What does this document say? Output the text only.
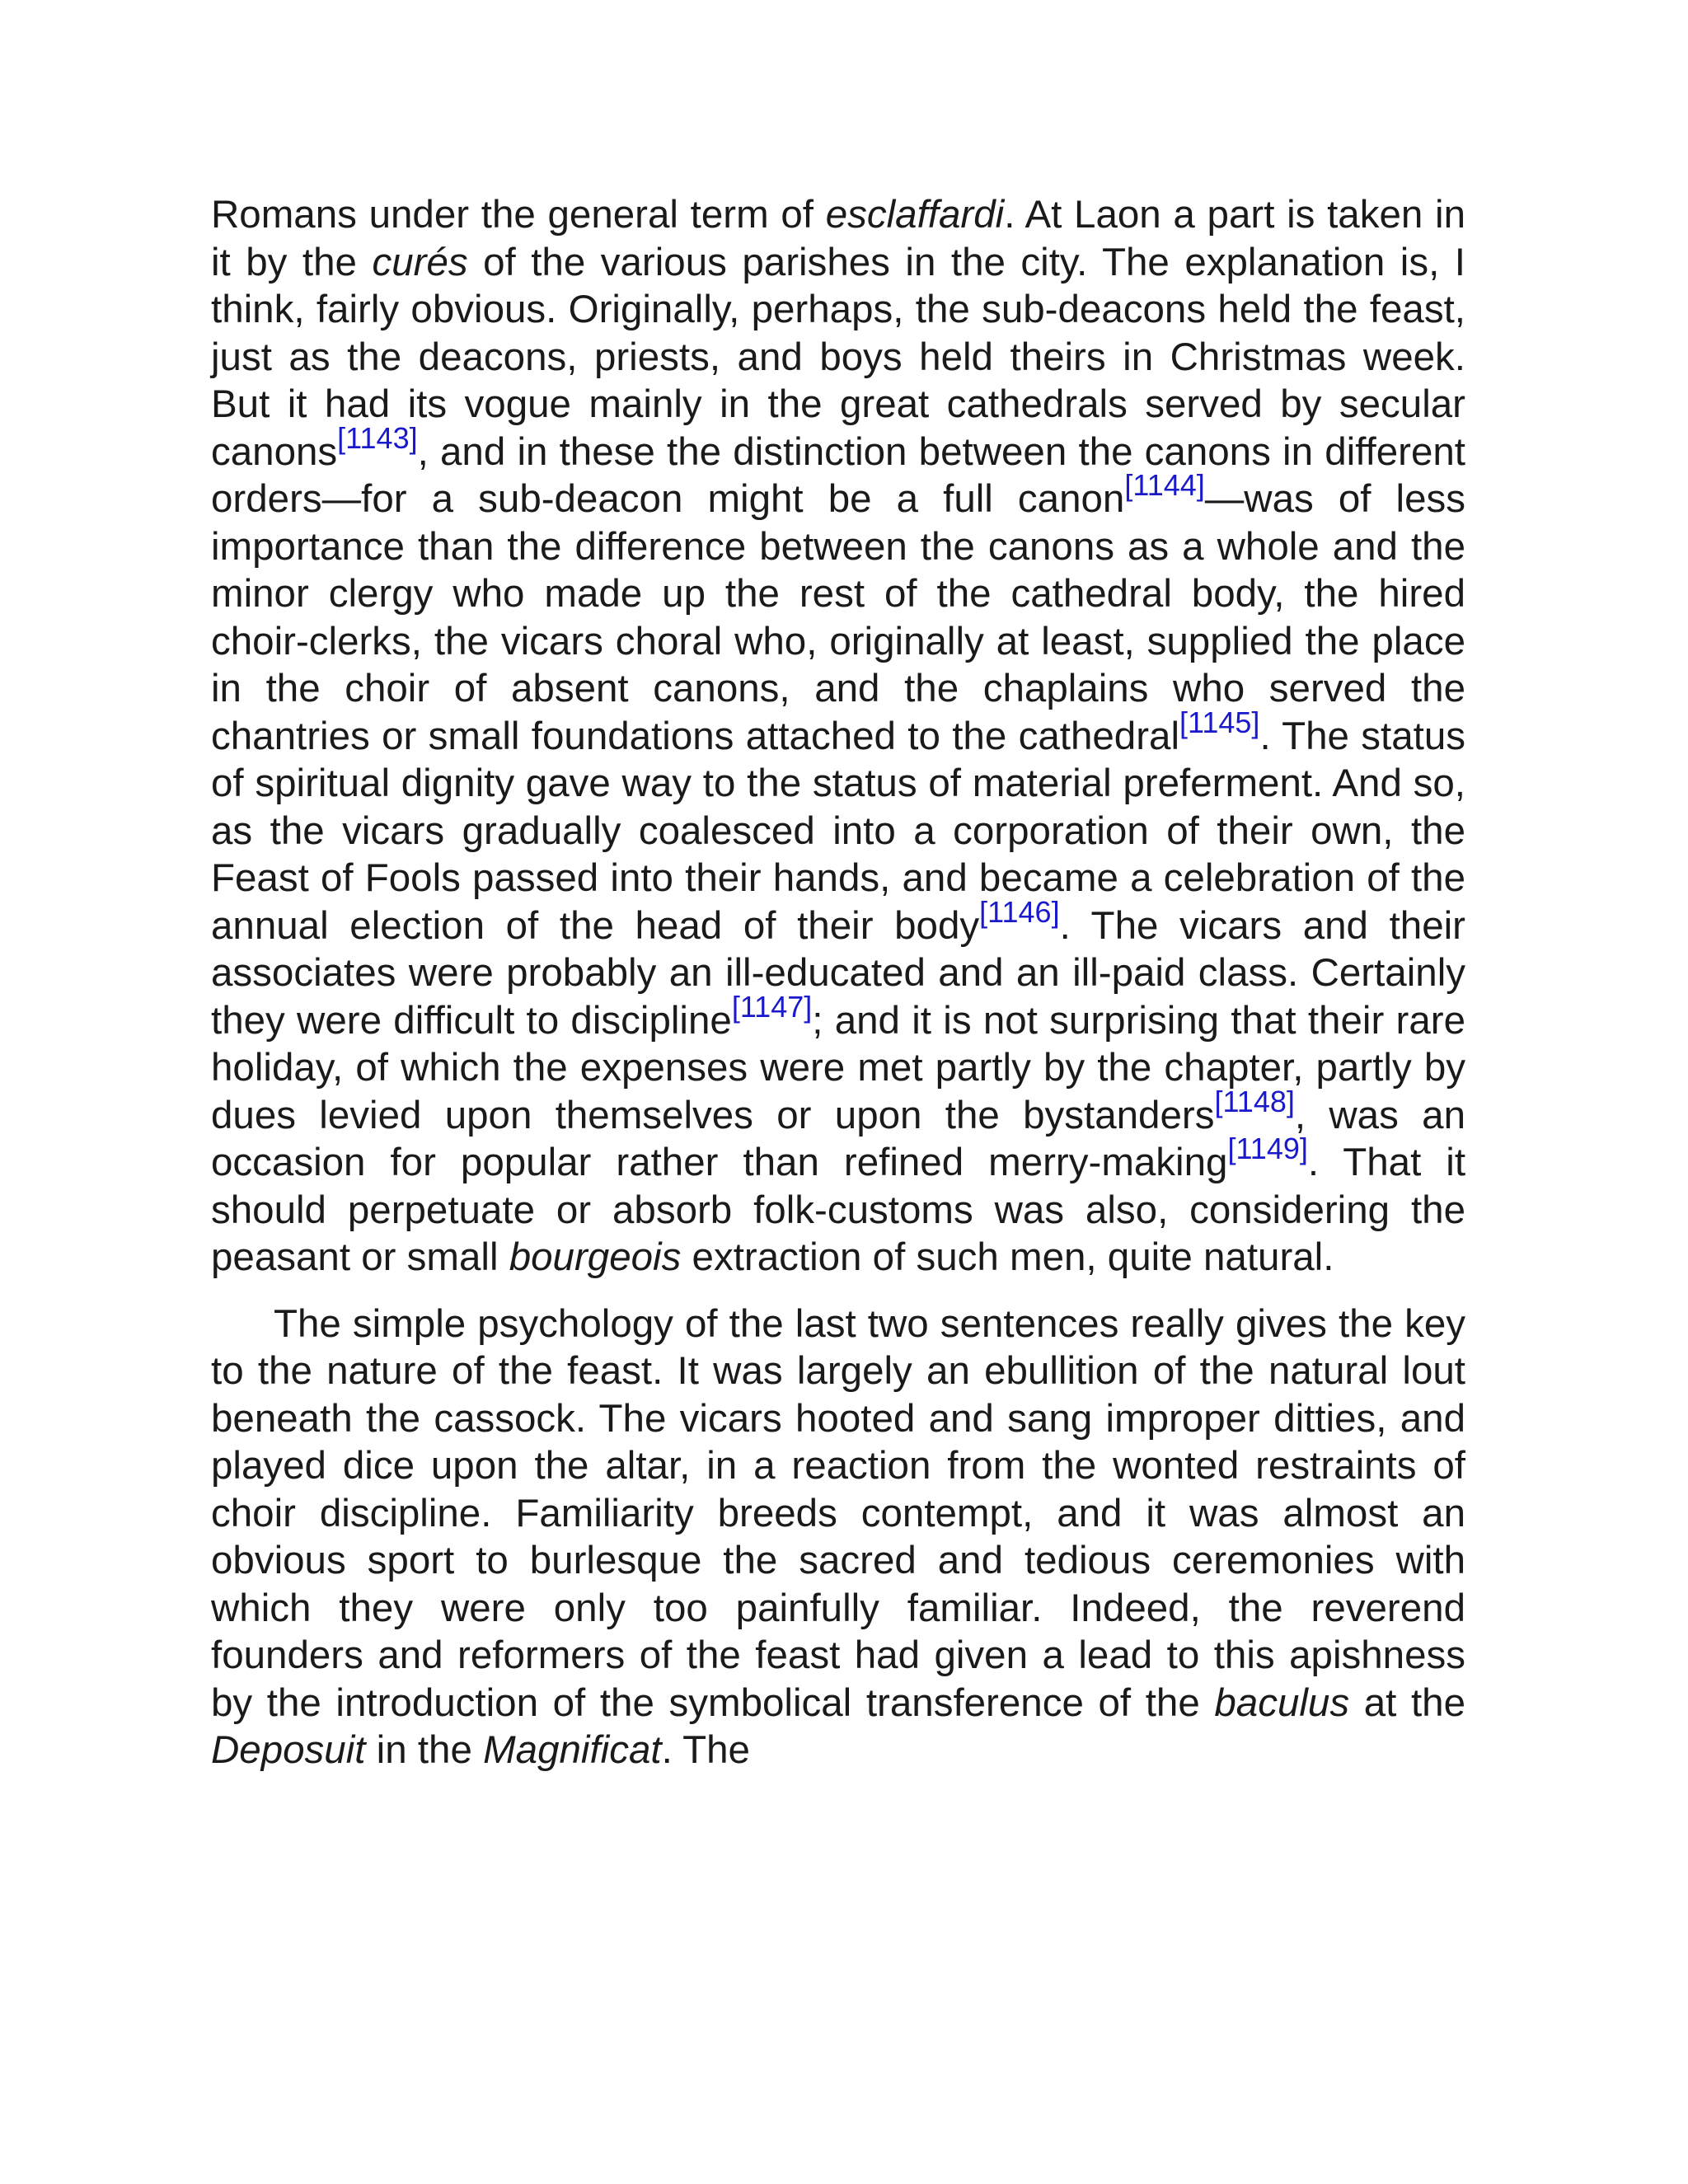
Romans under the general term of esclaffardi. At Laon a part is taken in it by the curés of the various parishes in the city. The explanation is, I think, fairly obvious. Originally, perhaps, the sub-deacons held the feast, just as the deacons, priests, and boys held theirs in Christmas week. But it had its vogue mainly in the great cathedrals served by secular canons[1143], and in these the distinction between the canons in different orders—for a sub-deacon might be a full canon[1144]—was of less importance than the difference between the canons as a whole and the minor clergy who made up the rest of the cathedral body, the hired choir-clerks, the vicars choral who, originally at least, supplied the place in the choir of absent canons, and the chaplains who served the chantries or small foundations attached to the cathedral[1145]. The status of spiritual dignity gave way to the status of material preferment. And so, as the vicars gradually coalesced into a corporation of their own, the Feast of Fools passed into their hands, and became a celebration of the annual election of the head of their body[1146]. The vicars and their associates were probably an ill-educated and an ill-paid class. Certainly they were difficult to discipline[1147]; and it is not surprising that their rare holiday, of which the expenses were met partly by the chapter, partly by dues levied upon themselves or upon the bystanders[1148], was an occasion for popular rather than refined merry-making[1149]. That it should perpetuate or absorb folk-customs was also, considering the peasant or small bourgeois extraction of such men, quite natural.

The simple psychology of the last two sentences really gives the key to the nature of the feast. It was largely an ebullition of the natural lout beneath the cassock. The vicars hooted and sang improper ditties, and played dice upon the altar, in a reaction from the wonted restraints of choir discipline. Familiarity breeds contempt, and it was almost an obvious sport to burlesque the sacred and tedious ceremonies with which they were only too painfully familiar. Indeed, the reverend founders and reformers of the feast had given a lead to this apishness by the introduction of the symbolical transference of the baculus at the Deposuit in the Magnificat. The
